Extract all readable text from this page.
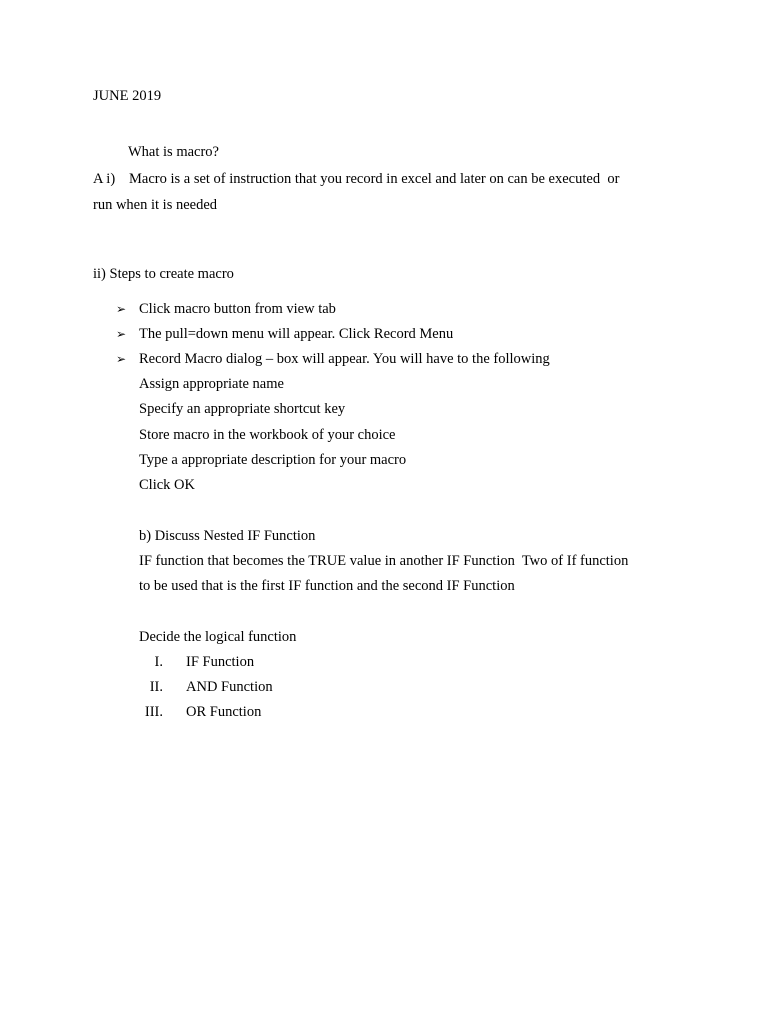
JUNE 2019
What is macro?
A i) Macro is a set of instruction that you record in excel and later on can be executed  or
run when it is needed
ii) Steps to create macro
➢ Click macro button from view tab
➢ The pull=down menu will appear. Click Record Menu
➢ Record Macro dialog – box will appear. You will have to the following
Assign appropriate name
Specify an appropriate shortcut key
Store macro in the workbook of your choice
Type a appropriate description for your macro
Click OK
b) Discuss Nested IF Function
IF function that becomes the TRUE value in another IF Function  Two of If function
to be used that is the first IF function and the second IF Function
Decide the logical function
I. IF Function
II. AND Function
III. OR Function
